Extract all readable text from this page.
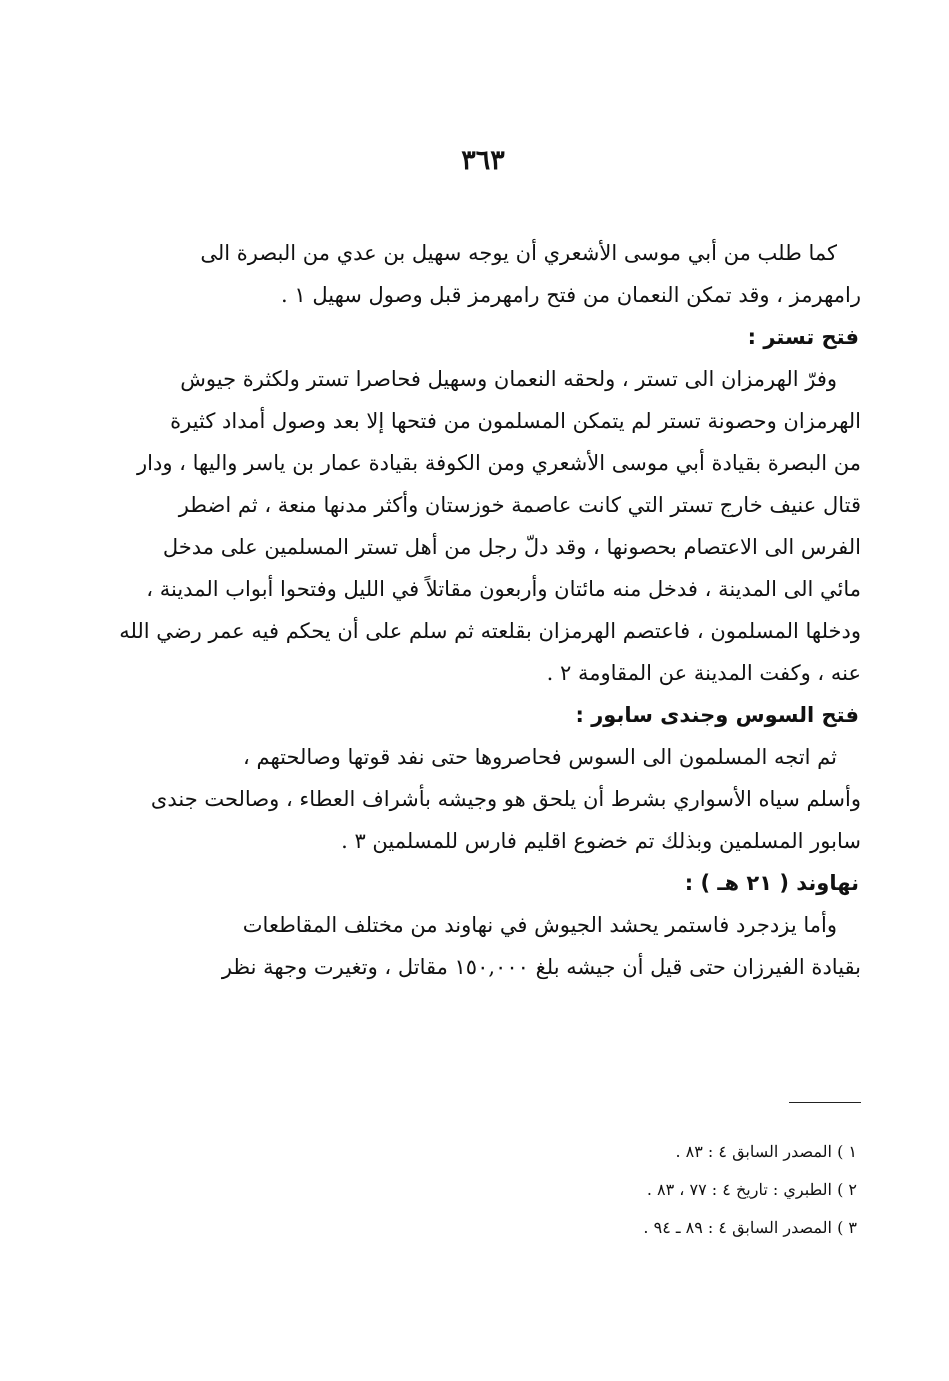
٣٦٣

كما طلب من أبي موسى الأشعري أن يوجه سهيل بن عدي من البصرة الى
رامهرمز ، وقد تمكن النعمان من فتح رامهرمز قبل وصول سهيل ١ .

فتح تستر :

وفرّ الهرمزان الى تستر ، ولحقه النعمان وسهيل فحاصرا تستر ولكثرة جيوش
الهرمزان وحصونة تستر لم يتمكن المسلمون من فتحها إلا بعد وصول أمداد كثيرة
من البصرة بقيادة أبي موسى الأشعري ومن الكوفة بقيادة عمار بن ياسر واليها ، ودار
قتال عنيف خارج تستر التي كانت عاصمة خوزستان وأكثر مدنها منعة ، ثم اضطر
الفرس الى الاعتصام بحصونها ، وقد دلّ رجل من أهل تستر المسلمين على مدخل
مائي الى المدينة ، فدخل منه مائتان وأربعون مقاتلاً في الليل وفتحوا أبواب المدينة ،
ودخلها المسلمون ، فاعتصم الهرمزان بقلعته ثم سلم على أن يحكم فيه عمر رضي الله
عنه ، وكفت المدينة عن المقاومة ٢ .

فتح السوس وجندى سابور :

ثم اتجه المسلمون الى السوس فحاصروها حتى نفد قوتها وصالحتهم ،
وأسلم سياه الأسواري بشرط أن يلحق هو وجيشه بأشراف العطاء ، وصالحت جندى
سابور المسلمين وبذلك تم خضوع اقليم فارس للمسلمين ٣ .

نهاوند ( ٢١ هـ ) :

وأما يزدجرد فاستمر يحشد الجيوش في نهاوند من مختلف المقاطعات
بقيادة الفيرزان حتى قيل أن جيشه بلغ ١٥٠,٠٠٠ مقاتل ، وتغيرت وجهة نظر

١ ) المصدر السابق ٤ : ٨٣ .

٢ ) الطبري : تاريخ ٤ : ٧٧ ، ٨٣ .

٣ ) المصدر السابق ٤ : ٨٩ ـ ٩٤ .
